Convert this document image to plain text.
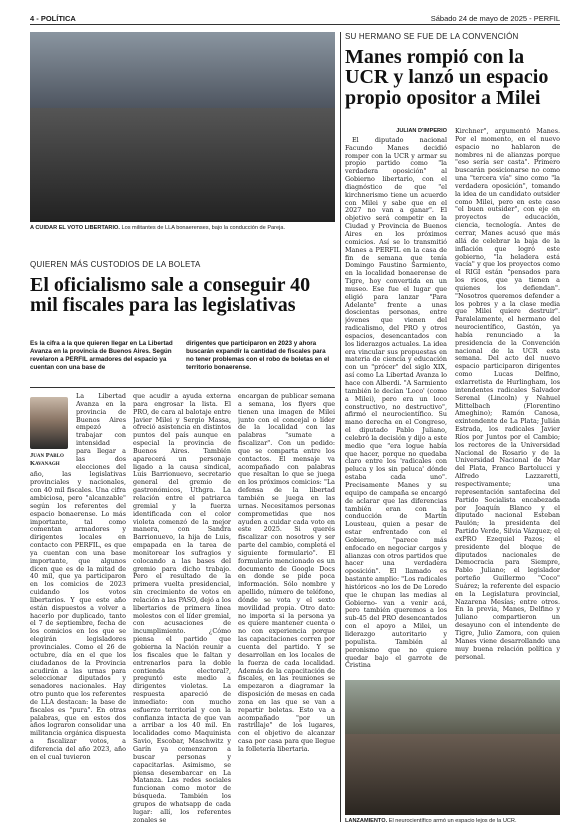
4 - POLÍTICA	Sábado 24 de mayo de 2025 - PERFIL
A CUIDAR EL VOTO LIBERTARIO. Los militantes de LLA bonaerenses, bajo la conducción de Pareja.
SU HERMANO SE FUE DE LA CONVENCIÓN
Manes rompió con la UCR y lanzó un espacio propio opositor a Milei
JULIÁN D'IMPERIO

El diputado nacional Facundo Manes decidió romper con la UCR y armar su propio partido como "la verdadera oposición" al Gobierno libertario, con el diagnóstico de que "el kirchnerismo tiene un acuerdo con Milei y sabe que en el 2027 no van a ganar". El objetivo será competir en la Ciudad y Provincia de Buenos Aires en los próximos comicios. Así se lo transmitió Manes a PERFIL en la casa de fin de semana que tenía Domingo Faustino Sarmiento, en la localidad bonaerense de Tigre, hoy convertida en un museo. Ese fue el lugar que eligió para lanzar "Para Adelante" frente a unas doscientas personas, entre jóvenes que vienen del radicalismo, del PRO y otros espacios, desencantados con los liderazgos actuales. La idea era vincular sus propuestas en materia de ciencia y educación con un "prócer" del siglo XIX, así como La Libertad Avanza lo hace con Alberdi. "A Sarmiento también le decían 'Loco' (como a Milei), pero era un loco constructivo, no destructivo", afirmó el neurocientífico. Su mano derecha en el Congreso, el diputado Pablo Juliano, celebró la decisión y dijo a este medio que "era logue había que hacer, porque no quedaba claro entre los 'radicales con peluca y los sin peluca' dónde estaba cada uno". Precisamente Manes y su equipo de campaña se encargó de aclarar que las diferencias también eran con la conducción de Martín Lousteau, quien a pesar de estar enfrentado con el Gobierno, "parece más enfocado en negociar cargos y alianzas con otros partidos que hacer una verdadera oposición". El llamado es bastante amplio: "Los radicales históricos -no los de De Loredo que le chupan las medias al Gobierno- van a venir acá, pero también queremos a los sub-45 del PRO desencantados con el apoyo a Milei, un liderazgo autoritario y populista. También al peronismo que no quiere quedar bajo el garrote de Cristina

Kirchner", argumentó Manes. Por el momento, en el nuevo espacio no hablaron de nombres ni de alianzas porque "eso sería ser casta". Primero buscarán posicionarse no como una "tercera vía" sino como "la verdadera oposición", tomando la idea de un candidato outsider como Milei, pero en este caso "el buen outsider", con eje en proyectos de educación, ciencia, tecnología. Antes de cerrar, Manes acusó que más allá de celebrar la baja de la inflación que logró este gobierno, "la heladera está vacía" y que los proyectos como el RIGI están "pensados para los ricos, que ya tienen a quienes los defiendan". "Nosotros queremos defender a los pobres y a la clase media que Milei quiere destruir". Paralelamente, el hermano del neurocientífico, Gastón, ya había renunciado a la presidencia de la Convención nacional de la UCR esta semana. Del acto del nuevo espacio participaron dirigentes como Lucas Delfino, exlarretista de Hurlingham, los intendentes radicales Salvador Serenal (Lincoln) y Nahuel Mittelbach (Florentino Ameghino); Ramón Canosa, exintendente de La Plata; Julián Estrada, los radicales Javier Ríos por Juntos por el Cambio; los rectores de la Universidad Nacional de Rosario y de la Universidad Nacional de Mar del Plata, Franco Bartolucci y Alfredo Lazzaretti, respectivamente; una representación santafecina del Partido Socialista encabezada por Joaquín Blanco y el diputado nacional Esteban Paulón; la presidenta del Partido Verde, Silvia Vázquez; el exPRO Ezequiel Pazos; el presidente del bloque de diputados nacionales de Democracia para Siempre, Pablo Juliano; el legislador porteño Guillermo "Coco" Suárez; la referente del espacio en la Legislatura provincial, Nazarena Mesías; entre otros. En la previa, Manes, Delfino y Juliano compartieron un desayuno con el intendente de Tigre, Julio Zamora, con quien Manes viene desarrollando una muy buena relación política y personal.

LANZAMIENTO. El neurocientífico armó un espacio lejos de la UCR.
QUIEREN MÁS CUSTODIOS DE LA BOLETA
El oficialismo sale a conseguir 40 mil fiscales para las legislativas
Es la cifra a la que quieren llegar en La Libertad Avanza en la provincia de Buenos Aires. Según revelaron a PERFIL armadores del espacio ya cuentan con una base de
dirigentes que participaron en 2023 y ahora buscarán expandir la cantidad de fiscales para no tener problemas con el robo de boletas en el territorio bonaerense.
Juan Pablo Kavanagh

La Libertad Avanza en la provincia de Buenos Aires empezó a trabajar con intensidad para llegar a las dos elecciones del año, las legislativas provinciales y nacionales, con 40 mil fiscales. Una cifra ambiciosa, pero "alcanzable" según los referentes del espacio bonaerense. Lo más importante, tal como comentan armadores y dirigentes locales en contacto con PERFIL, es que ya cuentan con una base importante, que algunos dicen que es de la mitad de 40 mil, que ya participaron en los comicios de 2023 cuidando los votos libertarios. Y que este año están dispuestos a volver a hacerlo por duplicado, tanto el 7 de septiembre, fecha de los comicios en los que se elegirán legisladores provinciales. Como el 26 de octubre, día en el que los ciudadanos de la Provincia acudirán a las urnas para seleccionar diputados y senadores nacionales. Hay otro punto que los referentes de LLA destacan: la base de fiscales es "pura". En otras palabras, que en estos dos años lograron consolidar una militancia orgánica dispuesta a fiscalizar votos, a diferencia del año 2023, año en el cual tuvieron

que acudir a ayuda externa para engrosar la lista. El PRO, de cara al balotaje entre Javier Milei y Sergio Massa, ofreció asistencia en distintos puntos del país aunque en especial la provincia de Buenos Aires. También aparecerá un personaje ligado a la causa sindical, Luis Barrionuevo, secretario general del gremio de gastronómicos, Uthgra. La relación entre el patriarca gremial y la fuerza identificada con el color violeta comenzó de la mejor manera, con Sandra Barrionuevo, la hija de Luis, empapada en la tarea de monitorear los sufragios y colocando a las bases del gremio para dicho trabajo. Pero el resultado de la primera vuelta presidencial, sin crecimiento de votos en relación a las PASO, dejó a los libertarios de primera línea molestos con el líder gremial, con acusaciones de incumplimiento. ¿Cómo piensa el partido que gobierna la Nación reunir a los fiscales que le faltan y entrenarlos para la doble contienda electoral?, preguntó este medio a dirigentes violetas. La respuesta apareció de inmediato: con mucho esfuerzo territorial y con la confianza intacta de que van a arribar a los 40 mil. En localidades como Maquinista Savio, Escobar, Maschwitz y Garín ya comenzaron a buscar personas y capacitarlas. Asimismo, se piensa desembarcar en La Matanza. Las redes sociales funcionan como motor de búsqueda. También los grupos de whatsapp de cada lugar: allí, los referentes zonales se

encargan de publicar semana a semana, los flyers que tienen una imagen de Milei junto con el concejal o líder de la localidad con las palabras "sumate a fiscalizar". Con un pedido: que se comparta entre los contactos. El mensaje va acompañado con palabras que resaltan lo que se juega en los próximos comicios: "La defensa de la libertad también se juega en las urnas. Necesitamos personas comprometidas que nos ayuden a cuidar cada voto en este 2025. Si querés fiscalizar con nosotros y ser parte del cambio, completá el siguiente formulario". El formulario mencionado es un documento de Google Docs en donde se pide poca información. Sólo nombre y apellido, número de teléfono, dónde se vota y el sexto movilidad propia. Otro dato: no importa si la persona ya es quiere mantener cuenta o no con experiencia porque las capacitaciones corren por cuenta del partido. Y se desarrollan en los locales de la fuerza de cada localidad. Además de la capacitación de fiscales, en las reuniones se empezaron a diagramar la disposición de mesas en cada zona en las que se van a repartir boletas. Esto va a acompañado "por un rastrillaje" de los lugares, con el objetivo de alcanzar casa por casa para que llegue la folletería libertaria.
